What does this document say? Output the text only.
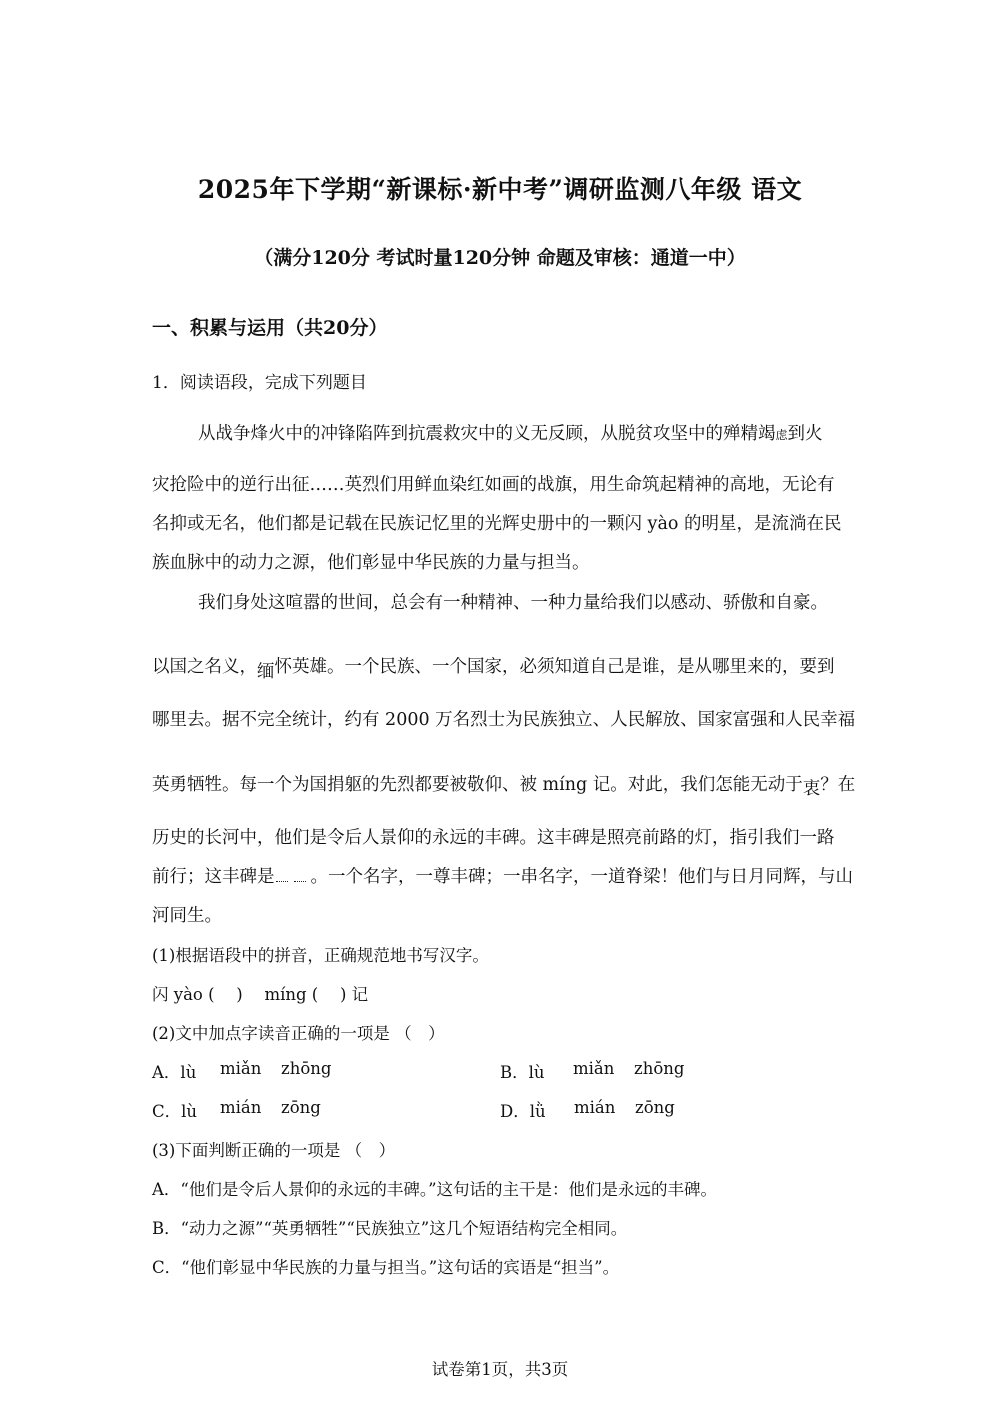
2025年下学期“新课标·新中考”调研监测八年级 语文
（满分120分 考试时量120分钟 命题及审核：通道一中）
一、积累与运用（共20分）
1．阅读语段，完成下列题目
从战争烽火中的冲锋陷阵到抗震救灾中的义无反顾，从脱贫攻坚中的殚精竭虑到火
灾抢险中的逆行出征……英烈们用鲜血染红如画的战旗，用生命筑起精神的高地，无论有
名抑或无名，他们都是记载在民族记忆里的光辉史册中的一颗闪 yào 的明星，是流淌在民
族血脉中的动力之源，他们彰显中华民族的力量与担当。
我们身处这喧嚣的世间，总会有一种精神、一种力量给我们以感动、骄傲和自豪。
以国之名义，缅怀英雄。一个民族、一个国家，必须知道自己是谁，是从哪里来的，要到
哪里去。据不完全统计，约有 2000 万名烈士为民族独立、人民解放、国家富强和人民幸福
英勇牺牲。每一个为国捐躯的先烈都要被敬仰、被 míng 记。对此，我们怎能无动于衷？在
历史的长河中，他们是令后人景仰的永远的丰碑。这丰碑是照亮前路的灯，指引我们一路
前行；这丰碑是 。一个名字，一尊丰碑；一串名字，一道脊梁！他们与日月同辉，与山
河同生。
(1)根据语段中的拼音，正确规范地书写汉字。
闪 yào (　 )　 míng (　 ) 记
(2)文中加点字读音正确的一项是 （　）
A．lù miǎn zhōng	B．lù miǎn zhōng
C．lù mián zōng	D．lǜ mián zōng
(3)下面判断正确的一项是 （　）
A．“他们是令后人景仰的永远的丰碑。”这句话的主干是：他们是永远的丰碑。
B．“动力之源”“英勇牺牲”“民族独立”这几个短语结构完全相同。
C．“他们彰显中华民族的力量与担当。”这句话的宾语是“担当”。
试卷第1页，共3页
